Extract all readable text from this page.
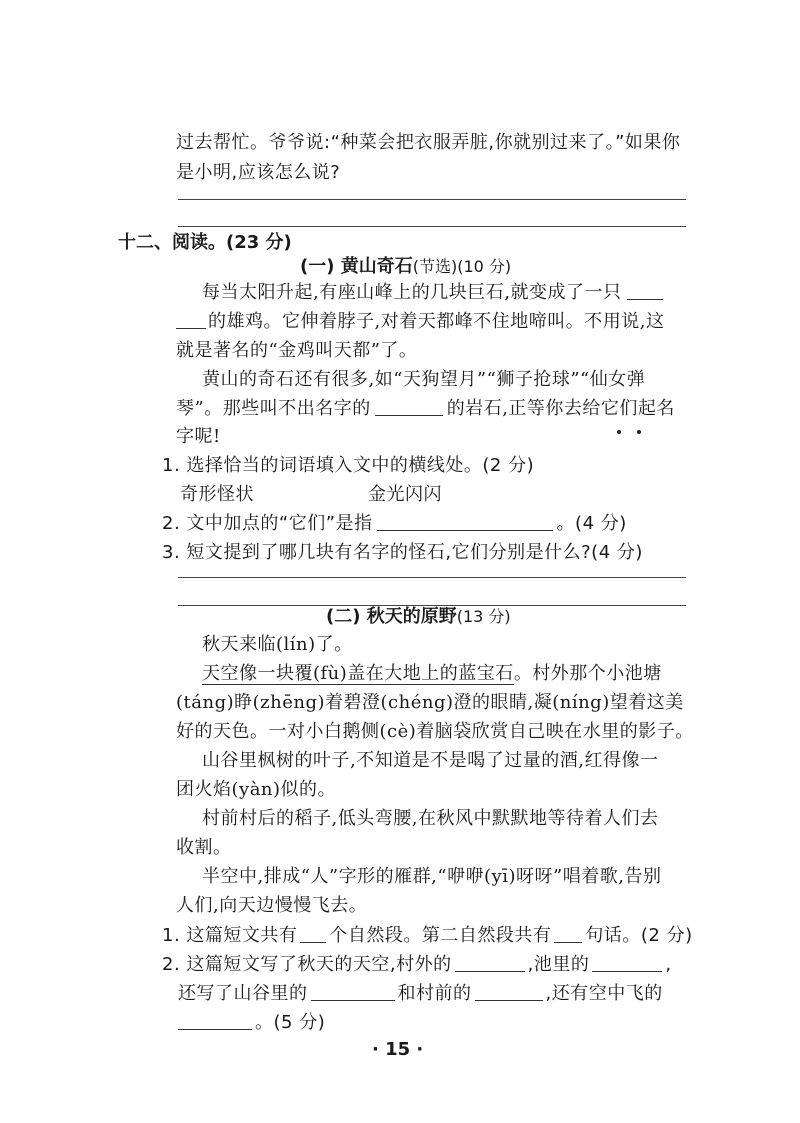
过去帮忙。爷爷说:“种菜会把衣服弄脏,你就别过来了。”如果你
是小明,应该怎么说?
十二、阅读。(23 分)
(一) 黄山奇石(节选)(10 分)
每当太阳升起,有座山峰上的几块巨石,就变成了一只
的雄鸡。它伸着脖子,对着天都峰不住地啼叫。不用说,这
就是著名的“金鸡叫天都”了。
黄山的奇石还有很多,如“天狗望月”“狮子抢球”“仙女弹
琴”。那些叫不出名字的	的岩石,正等你去给它们起名
字呢!
1. 选择恰当的词语填入文中的横线处。(2 分)
奇形怪状	金光闪闪
2. 文中加点的“它们”是指	。(4 分)
3. 短文提到了哪几块有名字的怪石,它们分别是什么?(4 分)
(二) 秋天的原野(13 分)
秋天来临(lín)了。
天空像一块覆(fù)盖在大地上的蓝宝石。村外那个小池塘
(táng)睁(zhēng)着碧澄(chéng)澄的眼睛,凝(níng)望着这美
好的天色。一对小白鹅侧(cè)着脑袋欣赏自己映在水里的影子。
山谷里枫树的叶子,不知道是不是喝了过量的酒,红得像一
团火焰(yàn)似的。
村前村后的稻子,低头弯腰,在秋风中默默地等待着人们去
收割。
半空中,排成“人”字形的雁群,“咿咿(yī)呀呀”唱着歌,告别
人们,向天边慢慢飞去。
1. 这篇短文共有 个自然段。第二自然段共有 句话。(2 分)
2. 这篇短文写了秋天的天空,村外的	,池里的	,
还写了山谷里的	和村前的	,还有空中飞的
。(5 分)
· 15 ·
